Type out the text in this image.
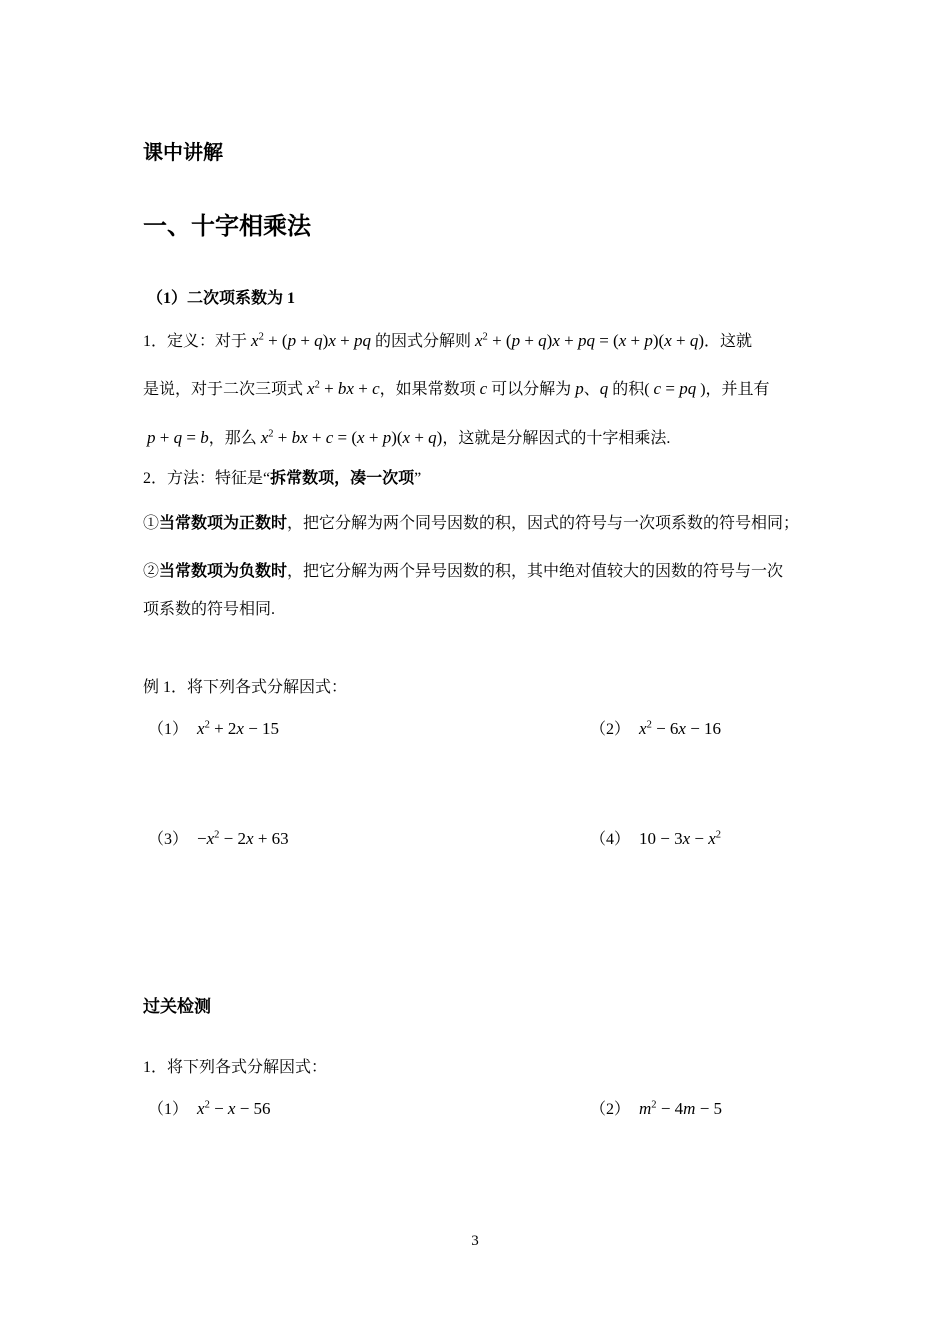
课中讲解
一、十字相乘法
（1）二次项系数为 1
1．定义：对于 $x^2 + (p + q)x$ + pq 的因式分解则 $x^2 + (p + q)x$ + pq = (x + p)(x + q)．这就
是说，对于二次三项式 $x^2$ + bx + c，如果常数项 c 可以分解为 p、q 的积( c = pq )，并且有
p + q = b，那么 $x^2$ + bx + c = (x + p)(x + q)，这就是分解因式的十字相乘法.
2．方法：特征是“拆常数项，凑一次项”
①当常数项为正数时，把它分解为两个同号因数的积，因式的符号与一次项系数的符号相同；
②当常数项为负数时，把它分解为两个异号因数的积，其中绝对值较大的因数的符号与一次
项系数的符号相同.
例 1．将下列各式分解因式：
（1） $x^2 + 2x - 15$	（2） $x^2 - 6x - 16$
$(3) -x^2 - 2x + 63$	（4） $10 - 3x - x^2$
过关检测
1．将下列各式分解因式：
（1） $x^2 - x - 56$	（2） $m^2 - 4m - 5$
3
